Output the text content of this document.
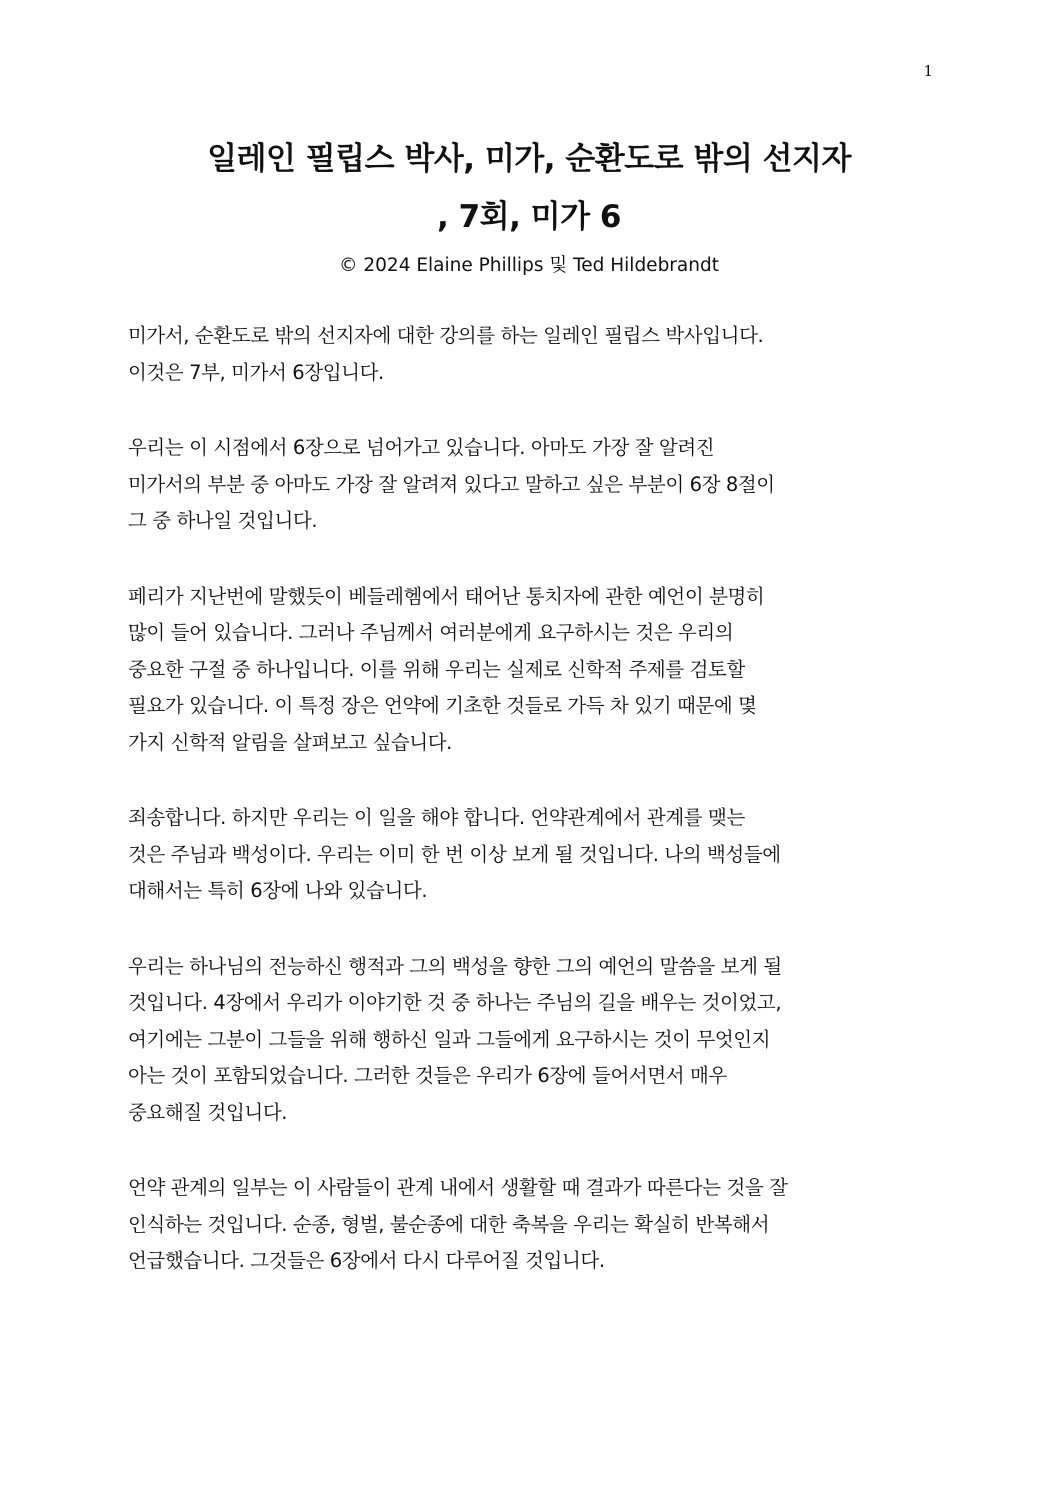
1
일레인 필립스 박사, 미가, 순환도로 밖의 선지자
, 7회, 미가 6
© 2024 Elaine Phillips 및 Ted Hildebrandt

미가서, 순환도로 밖의 선지자에 대한 강의를 하는 일레인 필립스 박사입니다.
이것은 7부, 미가서 6장입니다.

우리는 이 시점에서 6장으로 넘어가고 있습니다. 아마도 가장 잘 알려진
미가서의 부분 중 아마도 가장 잘 알려져 있다고 말하고 싶은 부분이 6장 8절이
그 중 하나일 것입니다.

페리가 지난번에 말했듯이 베들레헴에서 태어난 통치자에 관한 예언이 분명히
많이 들어 있습니다. 그러나 주님께서 여러분에게 요구하시는 것은 우리의
중요한 구절 중 하나입니다. 이를 위해 우리는 실제로 신학적 주제를 검토할
필요가 있습니다. 이 특정 장은 언약에 기초한 것들로 가득 차 있기 때문에 몇
가지 신학적 알림을 살펴보고 싶습니다.

죄송합니다. 하지만 우리는 이 일을 해야 합니다. 언약관계에서 관계를 맺는
것은 주님과 백성이다. 우리는 이미 한 번 이상 보게 될 것입니다. 나의 백성들에
대해서는 특히 6장에 나와 있습니다.

우리는 하나님의 전능하신 행적과 그의 백성을 향한 그의 예언의 말씀을 보게 될
것입니다. 4장에서 우리가 이야기한 것 중 하나는 주님의 길을 배우는 것이었고,
여기에는 그분이 그들을 위해 행하신 일과 그들에게 요구하시는 것이 무엇인지
아는 것이 포함되었습니다. 그러한 것들은 우리가 6장에 들어서면서 매우
중요해질 것입니다.

언약 관계의 일부는 이 사람들이 관계 내에서 생활할 때 결과가 따른다는 것을 잘
인식하는 것입니다. 순종, 형벌, 불순종에 대한 축복을 우리는 확실히 반복해서
언급했습니다. 그것들은 6장에서 다시 다루어질 것입니다.
